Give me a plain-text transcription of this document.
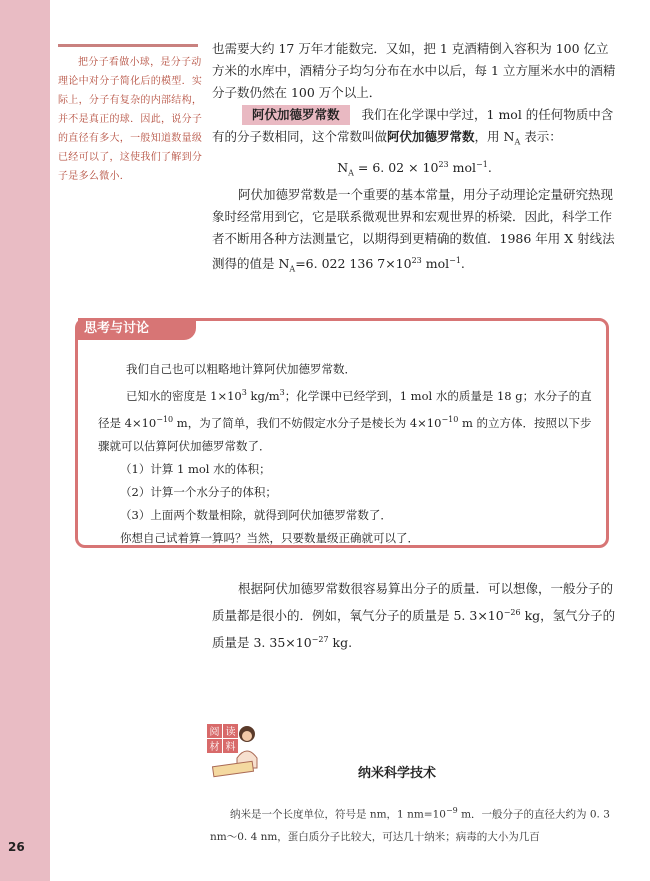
26
把分子看做小球，是分子动理论中对分子简化后的模型．实际上，分子有复杂的内部结构，并不是真正的球．因此，说分子的直径有多大，一般知道数量级已经可以了，这使我们了解到分子是多么微小．

也需要大约 17 万年才能数完．又如，把 1 克酒精倒入容积为 100 亿立方米的水库中，酒精分子均匀分布在水中以后，每 1 立方厘米水中的酒精分子数仍然在 100 万个以上．

阿伏加德罗常数 我们在化学课中学过，1 mol 的任何物质中含有的分子数相同，这个常数叫做阿伏加德罗常数，用 $N_A$ 表示：

$N_A = 6$. $02 \times 10^{23}$ mol$^{-1}$.

阿伏加德罗常数是一个重要的基本常量，用分子动理论定量研究热现象时经常用到它，它是联系微观世界和宏观世界的桥梁．因此，科学工作者不断用各种方法测量它，以期得到更精确的数值．1986 年用 X 射线法测得的值是 $N_A=6$. 022 136 $7\times 10^{23}$ mol$^{-1}$.

思考与讨论

我们自己也可以粗略地计算阿伏加德罗常数．

已知水的密度是 $1\times 10^3$ $kg/m^3$；化学课中已经学到，1 mol 水的质量是 18 g；水分子的直径是 $4\times 10^{-10}$ m，为了简单，我们不妨假定水分子是棱长为 $4\times 10^{-10}$ m 的立方体．按照以下步骤就可以估算阿伏加德罗常数了．

（1）计算 1 mol 水的体积；

（2）计算一个水分子的体积；

（3）上面两个数量相除，就得到阿伏加德罗常数了．

你想自己试着算一算吗？当然，只要数量级正确就可以了．

根据阿伏加德罗常数很容易算出分子的质量．可以想像，一般分子的质量都是很小的．例如，氧气分子的质量是 5. $3\times 10^{-26}$ kg，氢气分子的质量是 3. $35\times 10^{-27}$ kg.

阅 读
材 料
纳米科学技术

纳米是一个长度单位，符号是 nm，1 $nm=10^{-9}$ m．一般分子的直径大约为 0. 3 nm～0. 4 nm，蛋白质分子比较大，可达几十纳米；病毒的大小为几百
